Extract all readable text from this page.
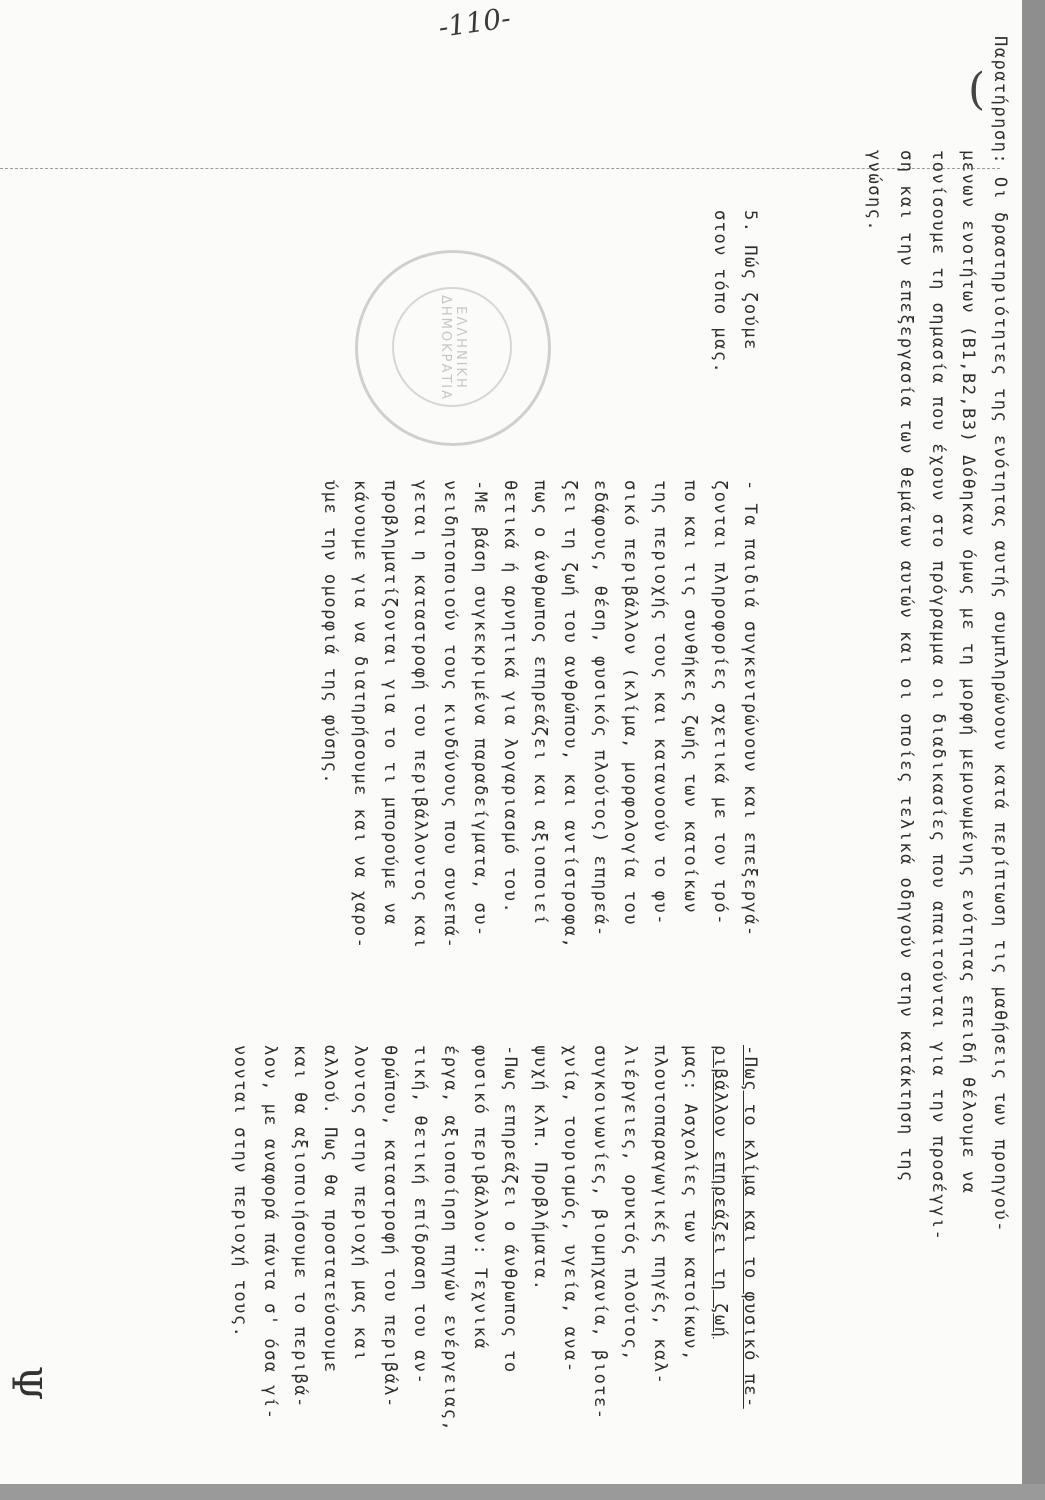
-110-
(
Ψ
ΕΛΛΗΝΙΚΗ ΔΗΜΟΚΡΑΤΙΑ	Παρατήρηση: Οι δραστηριότητες της ενότητας αυτής συμπληρώνουν κατά περίπτωση τις μαθήσεις των προηγού-
μενων ενοτήτων (Β1,Β2,Β3) Δόθηκαν όμως με τη μορφή μεμονωμένης ενότητας επειδή θέλουμε να
τονίσουμε τη σημασία που έχουν στο πρόγραμμα οι διαδικασίες που απαιτούνται για την προσέγγι-
ση και την επεξεργασία των θεμάτων αυτών και οι οποίες τελικά οδηγούν στην κατάκτηση της
γνώσης.
5. Πώς ζούμε
στον τόπο μας.
- Τα παιδιά συγκεντρώνουν και επεξεργά-
ζονται πληροφορίες σχετικά με τον τρό-
πο και τις συνθήκες ζωής των κατοίκων
της περιοχής τους και κατανοούν το φυ-
σικό περιβάλλον (κλίμα, μορφολογία του
εδάφους, θέση, φυσικός πλούτος) επηρεά-
ζει τη ζωή του ανθρώπου, και αντίστροφα,
πως ο άνθρωπος επηρεάζει και αξιοποιεί
θετικά ή αρνητικά για λογαριασμό του.
-Με βάση συγκεκριμένα παραδείγματα, συ-
νειδητοποιούν τους κινδύνους που συνεπά-
γεται η καταστροφή του περιβάλλοντος και
προβληματίζονται για το τι μπορούμε να
κάνουμε για να διατηρήσουμε και να χαρο-
ύμε την ομορφιά της φύσης.
-Πως το κλίμα και το φυσικό πε-
ριβάλλον επηρεάζει τη ζωή
μας: Ασχολίες των κατοίκων,
πλουτοπαραγωγικές πηγές, καλ-
λιέργειες, ορυκτός πλούτος,
συγκοινωνίες, βιομηχανία, βιοτε-
χνία, τουρισμός, υγεία, ανα-
ψυχή κλπ. Προβλήματα.
-Πως επηρεάζει ο άνθρωπος το
φυσικό περιβάλλον: Τεχνικά
έργα, αξιοποίηση πηγών ενέργειας,
τική, θετική επίδραση του αν-
θρώπου, καταστροφή του περιβάλ-
λοντος στην περιοχή μας και
αλλού. Πως θα προστατεύσουμε
και θα αξιοποιήσουμε το περιβά-
λον, με αναφορά πάντα σ' όσα γί-
νονται στην περιοχή τους.
